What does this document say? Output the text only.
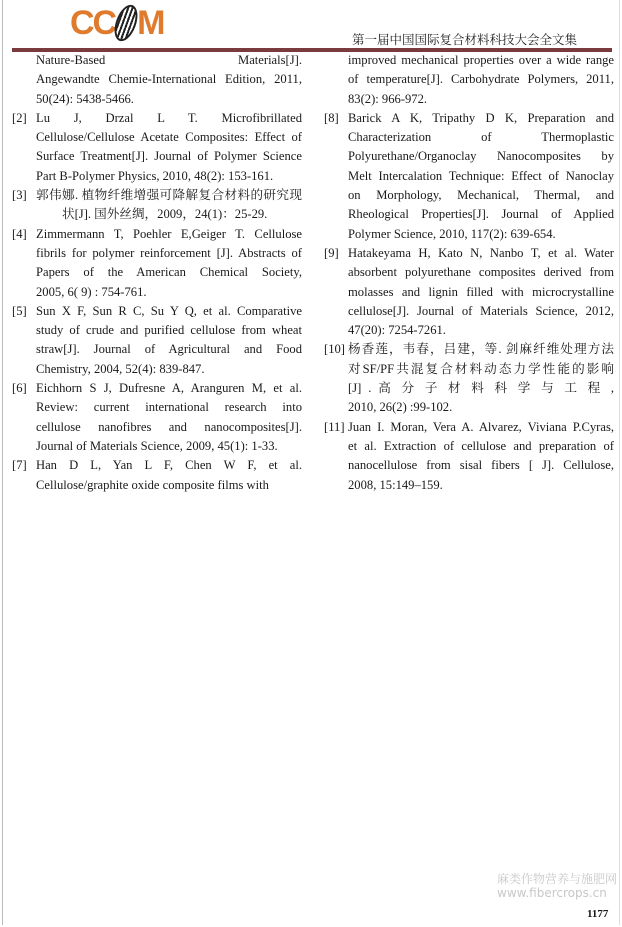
CC M	第一届中国国际复合材料科技大会全文集
Nature-Based Materials[J].
Angewandte Chemie-International Edition, 2011,
50(24): 5438-5466.
[2] Lu J, Drzal L T. Microfibrillated
Cellulose/Cellulose Acetate Composites: Effect of
Surface Treatment[J]. Journal of Polymer Science
Part B-Polymer Physics, 2010, 48(2): 153-161.
[3] 郭伟娜. 植物纤维增强可降解复合材料的研究现
状[J]. 国外丝绸，2009，24(1)：25-29.
[4] Zimmermann T, Poehler E,Geiger T. Cellulose
fibrils for polymer reinforcement [J]. Abstracts of
Papers of the American Chemical Society,
2005, 6( 9) : 754-761.
[5] Sun X F, Sun R C, Su Y Q, et al. Comparative
study of crude and purified cellulose from wheat
straw[J]. Journal of Agricultural and Food
Chemistry, 2004, 52(4): 839-847.
[6] Eichhorn S J, Dufresne A, Aranguren M, et al.
Review: current international research into
cellulose nanofibres and nanocomposites[J].
Journal of Materials Science, 2009, 45(1): 1-33.
[7] Han D L, Yan L F, Chen W F, et al.
Cellulose/graphite oxide composite films with
improved mechanical properties over a wide range
of temperature[J]. Carbohydrate Polymers, 2011,
83(2): 966-972.
[8] Barick A K, Tripathy D K, Preparation and
Characterization of Thermoplastic
Polyurethane/Organoclay Nanocomposites by
Melt Intercalation Technique: Effect of Nanoclay
on Morphology, Mechanical, Thermal, and
Rheological Properties[J]. Journal of Applied
Polymer Science, 2010, 117(2): 639-654.
[9] Hatakeyama H, Kato N, Nanbo T, et al. Water
absorbent polyurethane composites derived from
molasses and lignin filled with microcrystalline
cellulose[J]. Journal of Materials Science, 2012,
47(20): 7254-7261.
[10] 杨香莲，韦春，吕建，等. 剑麻纤维处理方法
对SF/PF共混复合材料动态力学性能的影响
[J] . 高 分 子 材 料 科 学 与 工 程 ,
2010, 26(2) :99-102.
[11] Juan I. Moran, Vera A. Alvarez, Viviana P.Cyras,
et al. Extraction of cellulose and preparation of
nanocellulose from sisal fibers [ J]. Cellulose,
2008, 15:149–159.
麻类作物营养与施肥网
www.fibercrops.cn
1177
